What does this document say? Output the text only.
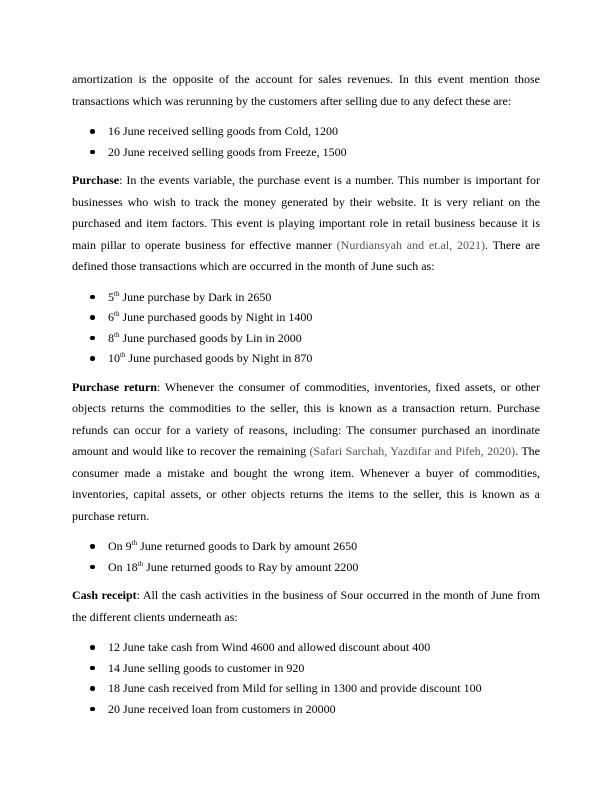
amortization is the opposite of the account for sales revenues. In this event mention those transactions which was rerunning by the customers after selling due to any defect these are:

16 June received selling goods from Cold, 1200
20 June received selling goods from Freeze, 1500

Purchase: In the events variable, the purchase event is a number. This number is important for businesses who wish to track the money generated by their website. It is very reliant on the purchased and item factors. This event is playing important role in retail business because it is main pillar to operate business for effective manner (Nurdiansyah and et.al, 2021). There are defined those transactions which are occurred in the month of June such as:

5th June purchase by Dark in 2650
6th June purchased goods by Night in 1400
8th June purchased goods by Lin in 2000
10th June purchased goods by Night in 870

Purchase return: Whenever the consumer of commodities, inventories, fixed assets, or other objects returns the commodities to the seller, this is known as a transaction return. Purchase refunds can occur for a variety of reasons, including: The consumer purchased an inordinate amount and would like to recover the remaining (Safari Sarchah, Yazdifar and Pifeh, 2020). The consumer made a mistake and bought the wrong item. Whenever a buyer of commodities, inventories, capital assets, or other objects returns the items to the seller, this is known as a purchase return.

On 9th June returned goods to Dark by amount 2650
On 18th June returned goods to Ray by amount 2200

Cash receipt: All the cash activities in the business of Sour occurred in the month of June from the different clients underneath as:

12 June take cash from Wind 4600 and allowed discount about 400
14 June selling goods to customer in 920
18 June cash received from Mild for selling in 1300 and provide discount 100
20 June received loan from customers in 20000
